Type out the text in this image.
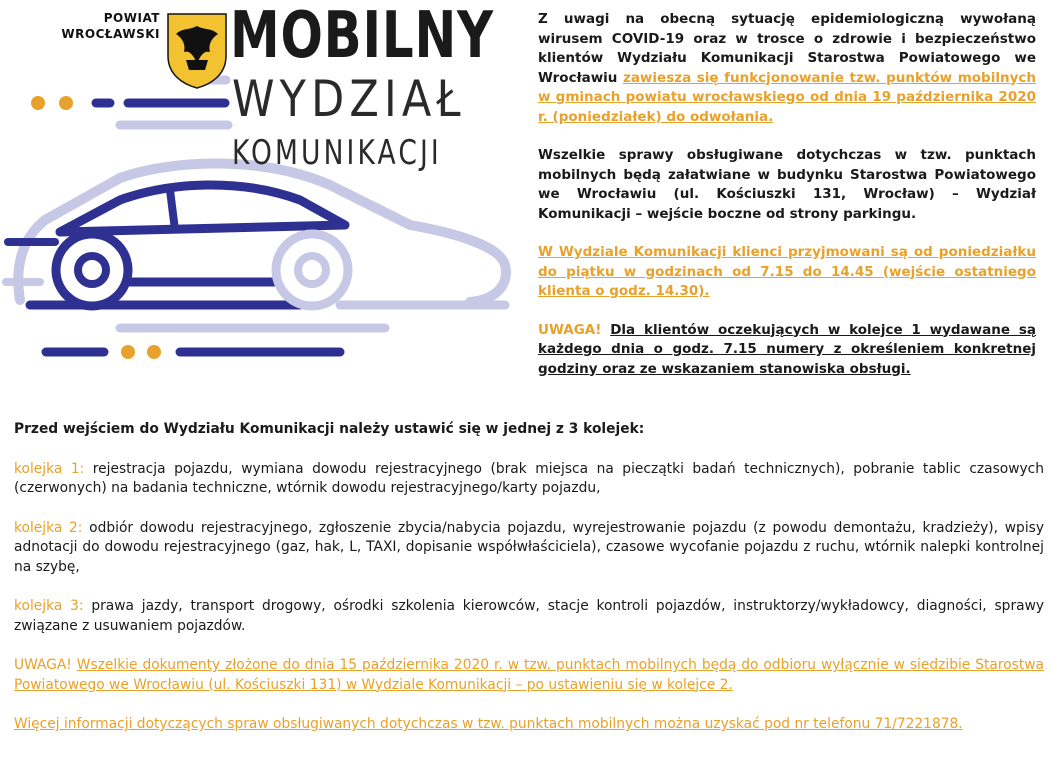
POWIAT
WROCŁAWSKI MOBILNY
WYDZIAŁ
KOMUNIKACJI

Z uwagi na obecną sytuację epidemiologiczną wywołaną wirusem COVID-19 oraz w trosce o zdrowie i bezpieczeństwo klientów Wydziału Komunikacji Starostwa Powiatowego we Wrocławiu zawiesza się funkcjonowanie tzw. punktów mobilnych w gminach powiatu wrocławskiego od dnia 19 października 2020 r. (poniedziałek) do odwołania.

Wszelkie sprawy obsługiwane dotychczas w tzw. punktach mobilnych będą załatwiane w budynku Starostwa Powiatowego we Wrocławiu (ul. Kościuszki 131, Wrocław) – Wydział Komunikacji – wejście boczne od strony parkingu.

W Wydziale Komunikacji klienci przyjmowani są od poniedziałku do piątku w godzinach od 7.15 do 14.45 (wejście ostatniego klienta o godz. 14.30).

UWAGA! Dla klientów oczekujących w kolejce 1 wydawane są każdego dnia o godz. 7.15 numery z określeniem konkretnej godziny oraz ze wskazaniem stanowiska obsługi.

Przed wejściem do Wydziału Komunikacji należy ustawić się w jednej z 3 kolejek:

kolejka 1: rejestracja pojazdu, wymiana dowodu rejestracyjnego (brak miejsca na pieczątki badań technicznych), pobranie tablic czasowych (czerwonych) na badania techniczne, wtórnik dowodu rejestracyjnego/karty pojazdu,

kolejka 2: odbiór dowodu rejestracyjnego, zgłoszenie zbycia/nabycia pojazdu, wyrejestrowanie pojazdu (z powodu demontażu, kradzieży), wpisy adnotacji do dowodu rejestracyjnego (gaz, hak, L, TAXI, dopisanie współwłaściciela), czasowe wycofanie pojazdu z ruchu, wtórnik nalepki kontrolnej na szybę,

kolejka 3: prawa jazdy, transport drogowy, ośrodki szkolenia kierowców, stacje kontroli pojazdów, instruktorzy/wykładowcy, diagności, sprawy związane z usuwaniem pojazdów.

UWAGA! Wszelkie dokumenty złożone do dnia 15 października 2020 r. w tzw. punktach mobilnych będą do odbioru wyłącznie w siedzibie Starostwa Powiatowego we Wrocławiu (ul. Kościuszki 131) w Wydziale Komunikacji – po ustawieniu się w kolejce 2.

Więcej informacji dotyczących spraw obsługiwanych dotychczas w tzw. punktach mobilnych można uzyskać pod nr telefonu 71/7221878.
